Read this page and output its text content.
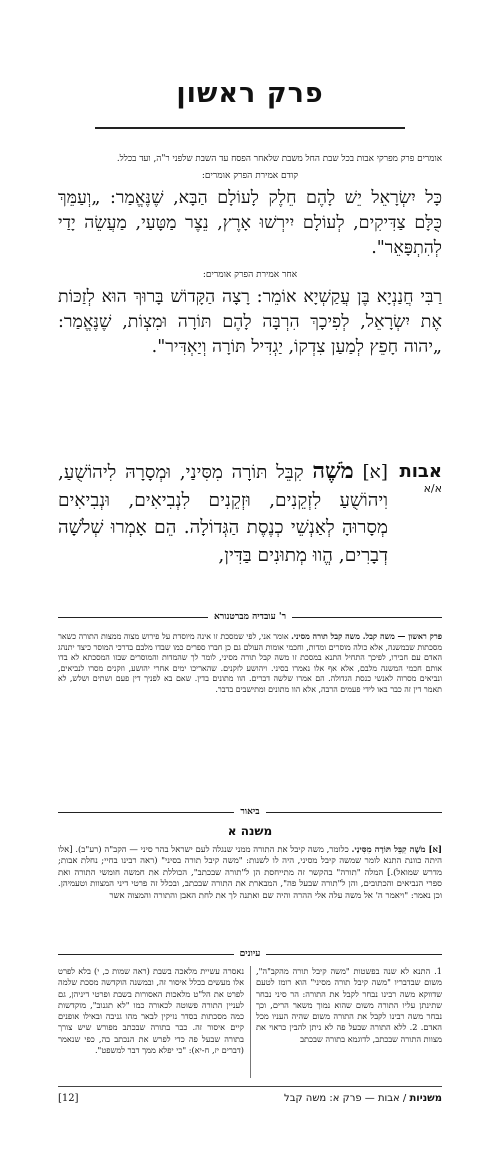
פרק ראשון
אומרים פרק מפרקי אבות בכל שבת החל משבת שלאחר הפסח עד השבת שלפני ר"ה, ועד בכלל.
קודם אמירת הפרק אומרים:
כָּל יִשְׂרָאֵל יֵשׁ לָהֶם חֵלֶק לָעוֹלָם הַבָּא, שֶׁנֶּאֱמַר: „וְעַמֵּךְ כֻּלָּם צַדִּיקִים, לְעוֹלָם יִירְשׁוּ אָרֶץ, נֵצֶר מַטָּעַי, מַעֲשֵׂה יָדַי לְהִתְפָּאֵר".
אחר אמירת הפרק אומרים:
רַבִּי חֲנַנְיָא בֶּן עֲקַשְׁיָא אוֹמֵר: רָצָה הַקָּדוֹשׁ בָּרוּךְ הוּא לְזַכּוֹת אֶת יִשְׂרָאֵל, לְפִיכָךְ הִרְבָּה לָהֶם תּוֹרָה וּמִצְוֹת, שֶׁנֶּאֱמַר: „יהוה חָפֵץ לְמַעַן צִדְקוֹ, יַגְדִּיל תּוֹרָה וְיַאְדִּיר".
אבות
א/א
[א] מֹשֶׁה קִבֵּל תּוֹרָה מִסִּינַי, וּמְסָרָהּ לִיהוֹשֻׁעַ, וִיהוֹשֻׁעַ לִזְקֵנִים, וּזְקֵנִים לִנְבִיאִים, וּנְבִיאִים מְסָרוּהָ לְאַנְשֵׁי כְנֶסֶת הַגְּדוֹלָה. הֵם אָמְרוּ שְׁלֹשָׁה דְבָרִים, הֱווּ מְתוּנִים בַּדִּין,
ר' עובדיה מברטנורא
פרק ראשון — משה קבל. משה קבל תורה מסיני. אומר אני, לפי שמסכת זו אינה מיוסדת על פירוש מצוה ממצות התורה כשאר מסכתות שבמשנה, אלא כולה מוסרים ומדות, וחכמי אומות העולם גם כן חברו ספרים כמו שבדו מלבם בדרכי המוסר כיצד יתנהג האדם עם חבירו, לפיכך התחיל התנא במסכת זו משה קבל תורה מסיני, לומר לך שהמדות והמוסרים שבזו המסכתא לא בדו אותם חכמי המשנה מלבם, אלא אף אלו נאמרו בסיני. ויהושע לזקנים. שהאריכו ימים אחרי יהושע, וזקנים מסרו לנביאים, ונביאים מסרוה לאנשי כנסת הגדולה. הם אמרו שלשה דברים. הוו מתונים בדין. שאם בא לפניך דין פעם ושתים ושלש, לא תאמר דין זה כבר באו לידי פעמים הרבה, אלא הוו מתונים ומתישבים בדבר.
ביאור
משנה א
[א] מֹשֶׁה קִבֵּל תּוֹרָה מִסִּינַי. כלומר, משה קיבל את התורה ממני שנגלה לעם ישראל בהר סיני — הקב"ה (רע"ב). [אלו היתה כוונת התנא לומר שמשה קיבל מסיני, היה לו לשנות: "משה קיבל תורה בסיני" (ראה רבינו בחיי; נחלת אבות; מדרש שמואל).] המלה "תורה" בהקשר זה מתייחסת הן ל"תורה שבכתב", הכוללת את חמשה חומשי התורה ואת ספרי הנביאים והכתובים, והן ל"תורה שבעל פה", המבארת את התורה שבכתב, ובכלל זה פרטי דיני המצוות וטעמיהן. וכן נאמר: "ויאמר ה' אל משה עלה אלי ההרה והיה שם ואתנה לך את לחת האבן והתורה והמצוה אשר
עיונים
1. התנא לא שנה בפשטות "משה קיבל תורה מהקב"ה", משום שבדבריו "משה קיבל תורה מסיני" הוא רומז לטעם שדווקא משה רבינו נבחר לקבל את התורה: הר סיני נבחר שתינתן עליו התורה משום שהוא נמוך משאר הרים, וכך נבחר משה רבינו לקבל את התורה משום שהיה העניו מכל האדם. 2. ללא התורה שבעל פה לא ניתן להבין כראוי את מצוות התורה שבכתב, לדוגמא בתורה שבכתב
נאסרה עשיית מלאכה בשבת (ראה שמות כ, י) בלא לפרט אלו מעשים בכלל איסור זה, ובמשנה הוקדשה מסכת שלמה לפרט את הל"ט מלאכות האסורות בשבת ופרטי דיניהן, גם לעניין התורה פשוטה לכאורה כמו "לא תגנוב", מוקדשות כמה מסכתות בסדר נזיקין לבאר מהו גניבה ובאילו אופנים קיים איסור זה. כבר בתורה שבכתב מפורש שיש צורך בתורה שבעל פה כדי לפרש את הנכתב בה, כפי שנאמר (דברים יז, ח-יא): "כי יפלא ממך דבר למשפט".
משניות / אבות — פרק א: משה קבל
[12]
